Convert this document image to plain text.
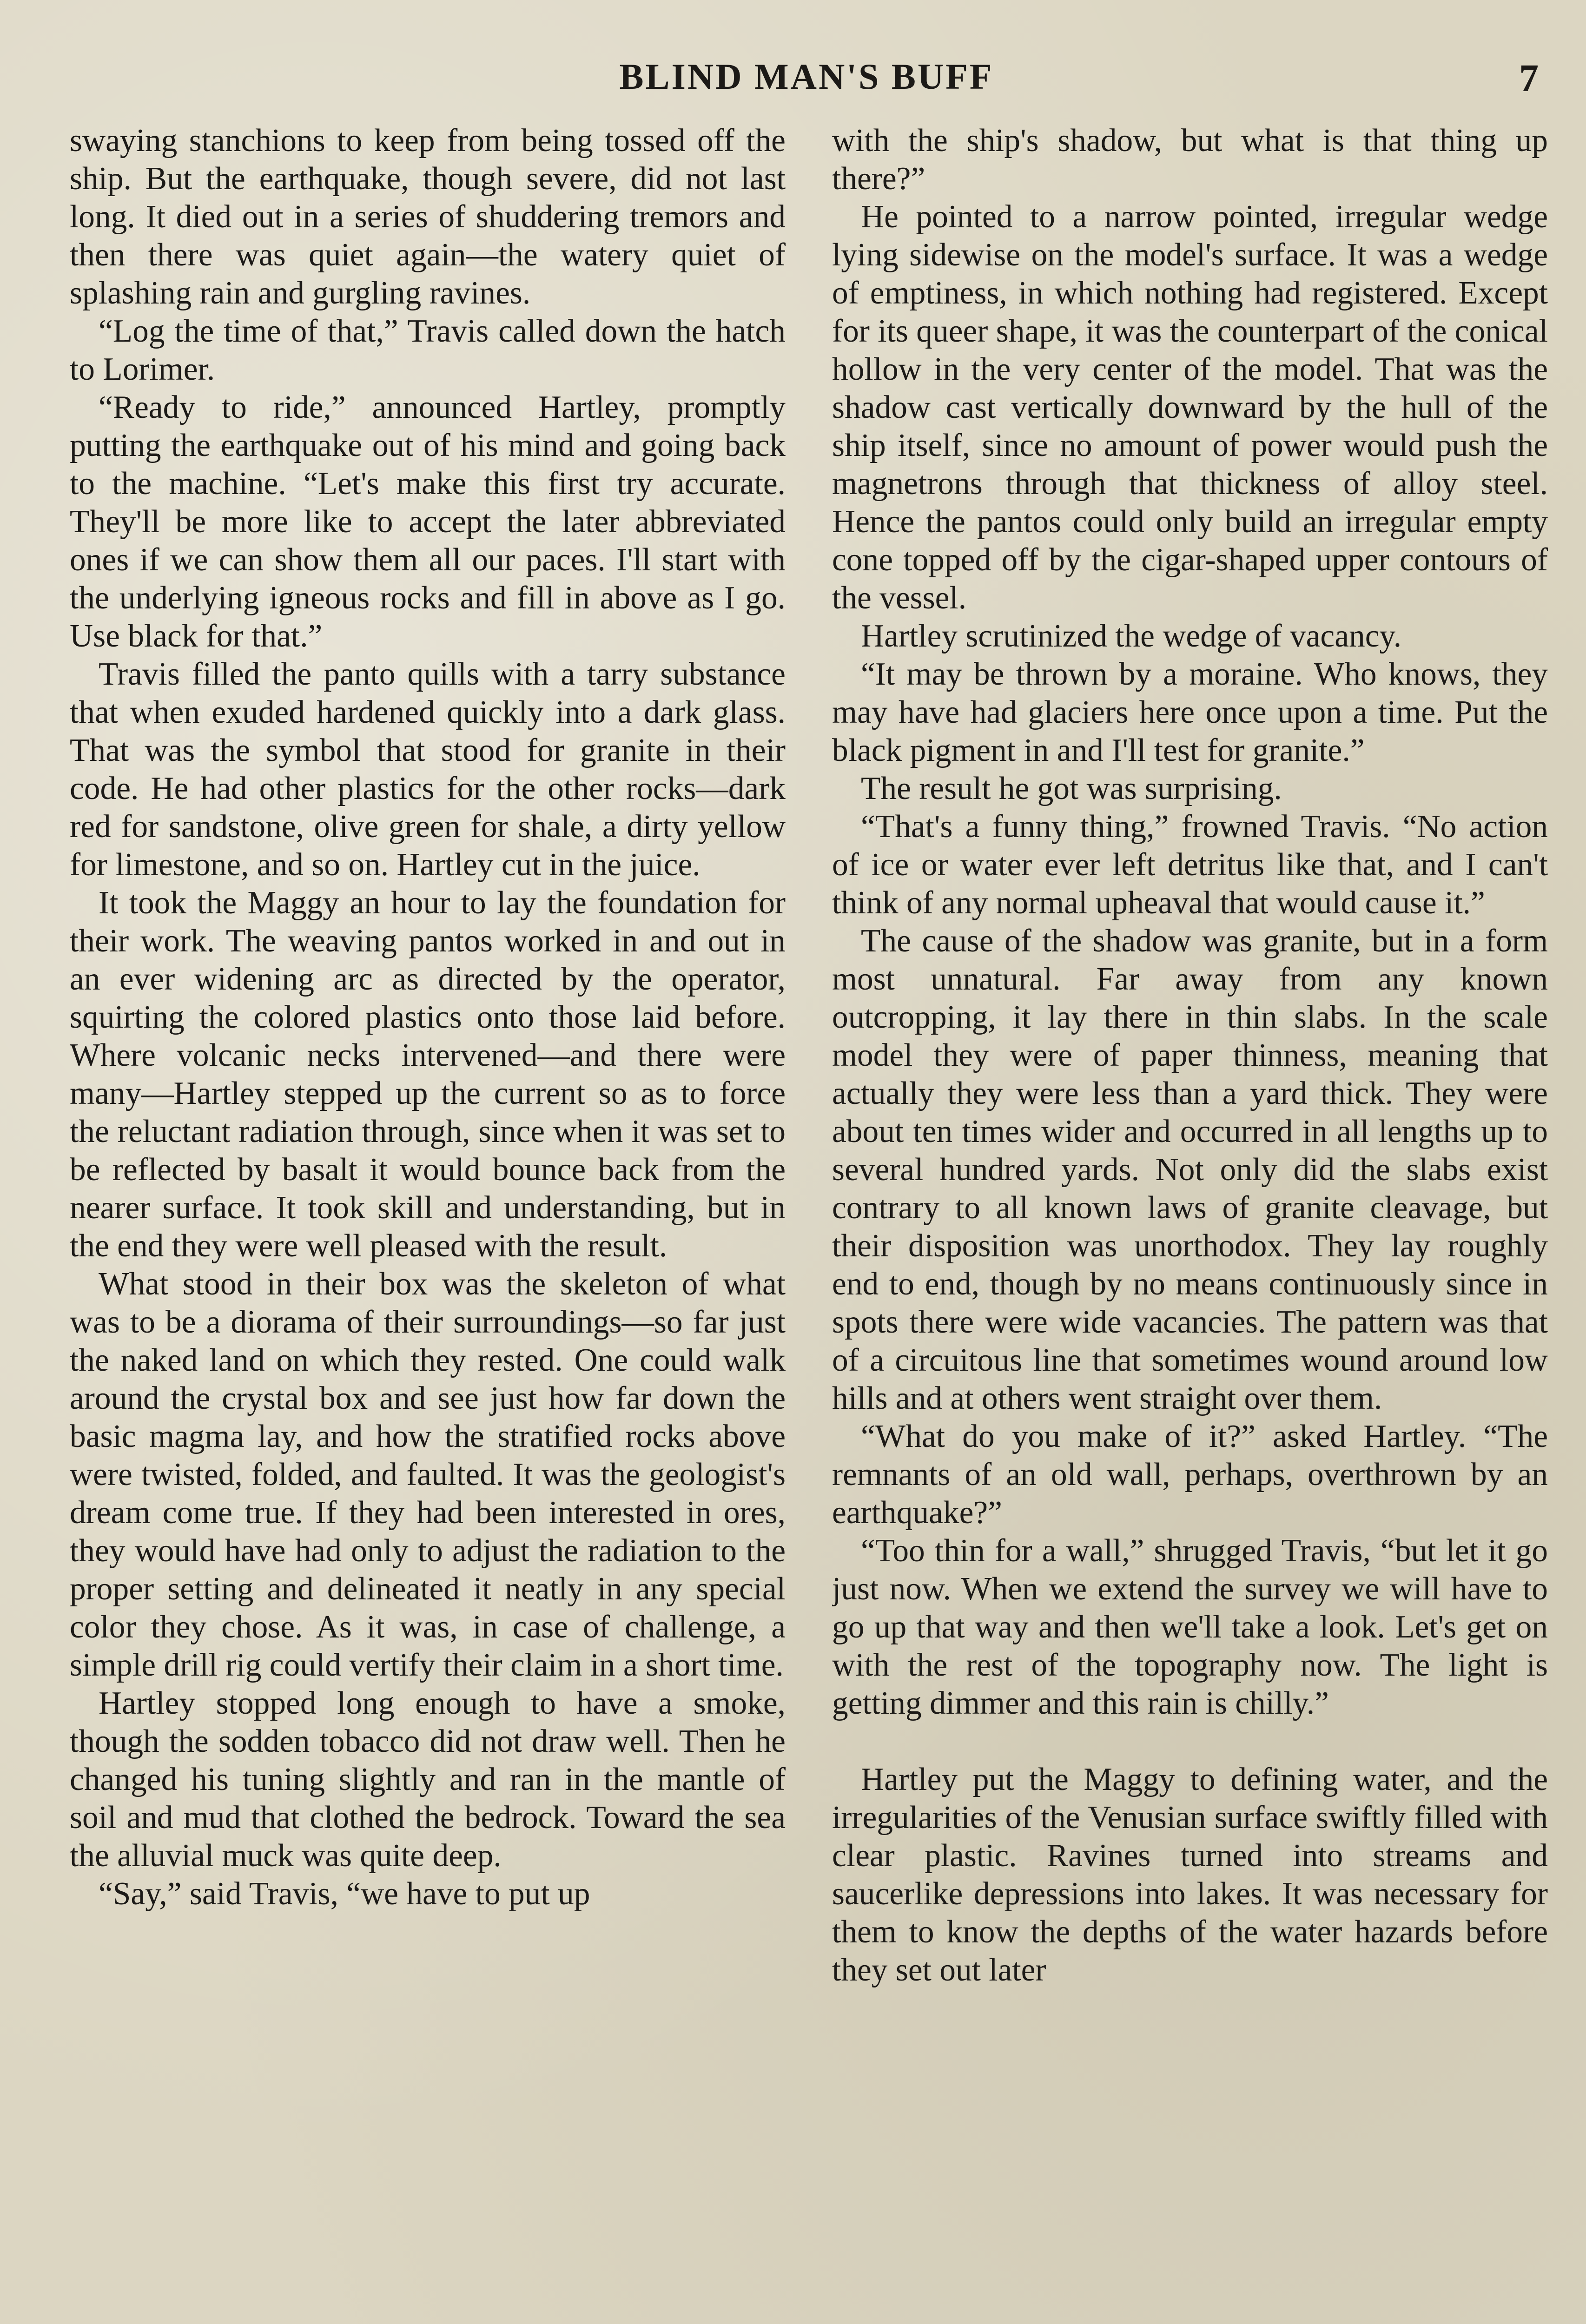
BLIND MAN'S BUFF	7

swaying stanchions to keep from being tossed off the ship. But the earthquake, though severe, did not last long. It died out in a series of shuddering tremors and then there was quiet again—the watery quiet of splashing rain and gurgling ravines.

“Log the time of that,” Travis called down the hatch to Lorimer.

“Ready to ride,” announced Hartley, promptly putting the earthquake out of his mind and going back to the machine. “Let's make this first try accurate. They'll be more like to accept the later abbreviated ones if we can show them all our paces. I'll start with the underlying igneous rocks and fill in above as I go. Use black for that.”

Travis filled the panto quills with a tarry substance that when exuded hardened quickly into a dark glass. That was the symbol that stood for granite in their code. He had other plastics for the other rocks—dark red for sandstone, olive green for shale, a dirty yellow for limestone, and so on. Hartley cut in the juice.

It took the Maggy an hour to lay the foundation for their work. The weaving pantos worked in and out in an ever widening arc as directed by the operator, squirting the colored plastics onto those laid before. Where volcanic necks intervened—and there were many—Hartley stepped up the current so as to force the reluctant radiation through, since when it was set to be reflected by basalt it would bounce back from the nearer surface. It took skill and understanding, but in the end they were well pleased with the result.

What stood in their box was the skeleton of what was to be a diorama of their surroundings—so far just the naked land on which they rested. One could walk around the crystal box and see just how far down the basic magma lay, and how the stratified rocks above were twisted, folded, and faulted. It was the geologist's dream come true. If they had been interested in ores, they would have had only to adjust the radiation to the proper setting and delineated it neatly in any special color they chose. As it was, in case of challenge, a simple drill rig could vertify their claim in a short time.

Hartley stopped long enough to have a smoke, though the sodden tobacco did not draw well. Then he changed his tuning slightly and ran in the mantle of soil and mud that clothed the bedrock. Toward the sea the alluvial muck was quite deep.

“Say,” said Travis, “we have to put up

with the ship's shadow, but what is that thing up there?”

He pointed to a narrow pointed, irregular wedge lying sidewise on the model's surface. It was a wedge of emptiness, in which nothing had registered. Except for its queer shape, it was the counterpart of the conical hollow in the very center of the model. That was the shadow cast vertically downward by the hull of the ship itself, since no amount of power would push the magnetrons through that thickness of alloy steel. Hence the pantos could only build an irregular empty cone topped off by the cigar-shaped upper contours of the vessel.

Hartley scrutinized the wedge of vacancy.

“It may be thrown by a moraine. Who knows, they may have had glaciers here once upon a time. Put the black pigment in and I'll test for granite.”

The result he got was surprising.

“That's a funny thing,” frowned Travis. “No action of ice or water ever left detritus like that, and I can't think of any normal upheaval that would cause it.”

The cause of the shadow was granite, but in a form most unnatural. Far away from any known outcropping, it lay there in thin slabs. In the scale model they were of paper thinness, meaning that actually they were less than a yard thick. They were about ten times wider and occurred in all lengths up to several hundred yards. Not only did the slabs exist contrary to all known laws of granite cleavage, but their disposition was unorthodox. They lay roughly end to end, though by no means continuously since in spots there were wide vacancies. The pattern was that of a circuitous line that sometimes wound around low hills and at others went straight over them.

“What do you make of it?” asked Hartley. “The remnants of an old wall, perhaps, overthrown by an earthquake?”

“Too thin for a wall,” shrugged Travis, “but let it go just now. When we extend the survey we will have to go up that way and then we'll take a look. Let's get on with the rest of the topography now. The light is getting dimmer and this rain is chilly.”

Hartley put the Maggy to defining water, and the irregularities of the Venusian surface swiftly filled with clear plastic. Ravines turned into streams and saucerlike depressions into lakes. It was necessary for them to know the depths of the water hazards before they set out later
